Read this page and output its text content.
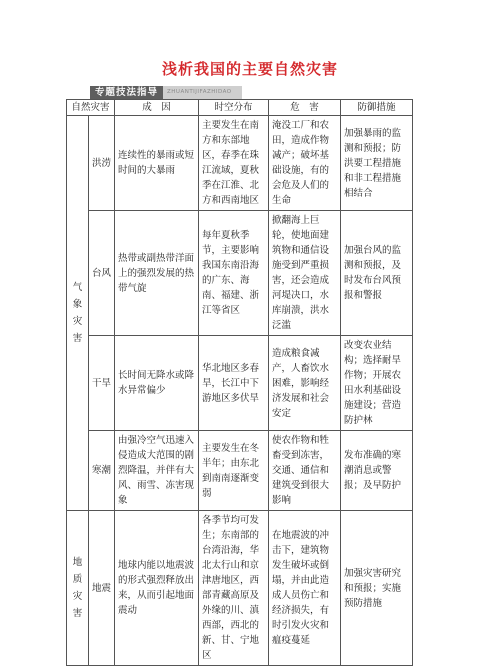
浅析我国的主要自然灾害
专题技法指导	ZHUANTIJIFAZHIDAO
自然灾害		成　因	时空分布	危　害	防御措施

气
象
灾
害	洪涝	连续性的暴雨或短时间的大暴雨	主要发生在南方和东部地区，春季在珠江流域，夏秋季在江淮、北方和西南地区	淹没工厂和农田，造成作物减产；破坏基础设施，有的会危及人们的生命	加强暴雨的监测和预报；防洪要工程措施和非工程措施相结合
	台风	热带或副热带洋面上的强烈发展的热带气旋	每年夏秋季节，主要影响我国东南沿海的广东、海南、福建、浙江等省区	掀翻海上巨轮，使地面建筑物和通信设施受到严重损害，还会造成河堤决口，水库崩溃，洪水泛滥	加强台风的监测和预报，及时发布台风预报和警报
	干旱	长时间无降水或降水异常偏少	华北地区多春旱，长江中下游地区多伏旱	造成粮食减产，人畜饮水困难，影响经济发展和社会安定	改变农业结构；选择耐旱作物；开展农田水利基础设施建设；营造防护林
	寒潮	由强冷空气迅速入侵造成大范围的剧烈降温，并伴有大风、雨雪、冻害现象	主要发生在冬半年；由东北到南南逐渐变弱	使农作物和牲畜受到冻害，交通、通信和建筑受到很大影响	发布准确的寒潮消息或警报；及早防护

地
质
灾
害	地震	地球内能以地震波的形式强烈释放出来，从而引起地面震动	各季节均可发生；东南部的台湾沿海，华北太行山和京津唐地区，西部青藏高原及外缘的川、滇西部，西北的新、甘、宁地区	在地震波的冲击下，建筑物发生破坏或倒塌，并由此造成人员伤亡和经济损失，有时引发火灾和瘟疫蔓延	加强灾害研究和预报；实施预防措施
